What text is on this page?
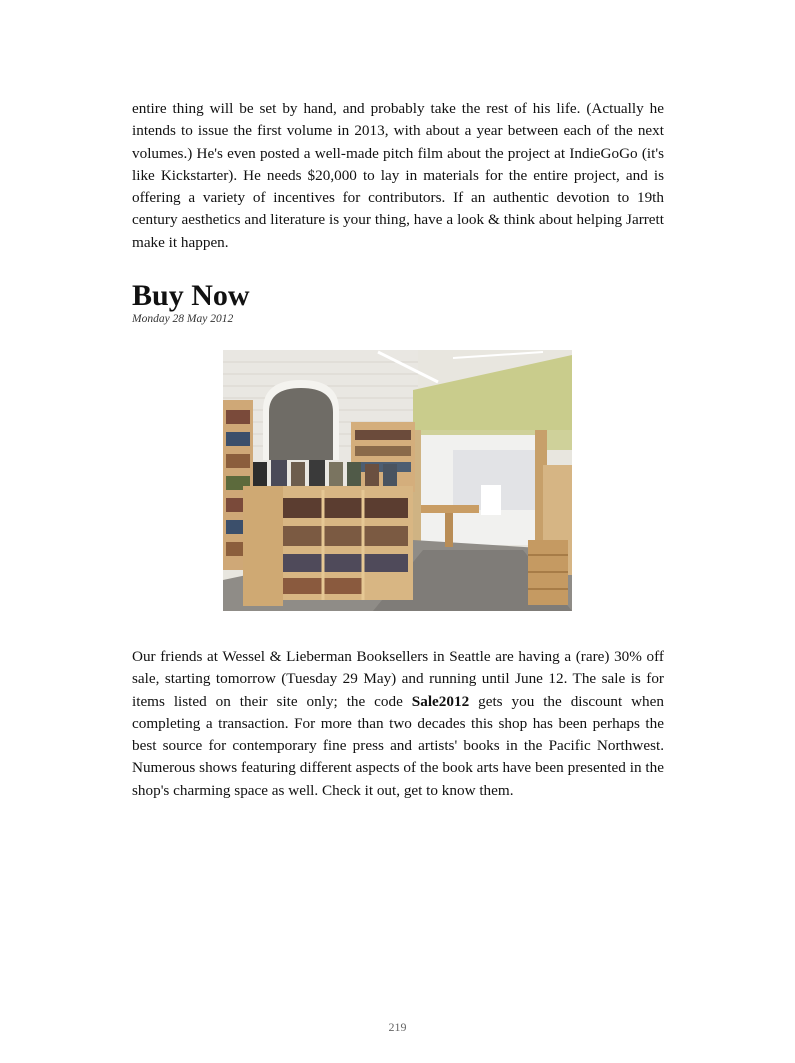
entire thing will be set by hand, and probably take the rest of his life. (Actually he intends to issue the first volume in 2013, with about a year between each of the next volumes.) He's even posted a well-made pitch film about the project at IndieGoGo (it's like Kickstarter). He needs $20,000 to lay in materials for the entire project, and is offering a variety of incentives for contributors. If an authentic devotion to 19th century aesthetics and literature is your thing, have a look & think about helping Jarrett make it happen.

Buy Now
Monday 28 May 2012

Our friends at Wessel & Lieberman Booksellers in Seattle are having a (rare) 30% off sale, starting tomorrow (Tuesday 29 May) and running until June 12. The sale is for items listed on their site only; the code Sale2012 gets you the discount when completing a transaction. For more than two decades this shop has been perhaps the best source for contemporary fine press and artists' books in the Pacific Northwest. Numerous shows featuring different aspects of the book arts have been presented in the shop's charming space as well. Check it out, get to know them.

219
